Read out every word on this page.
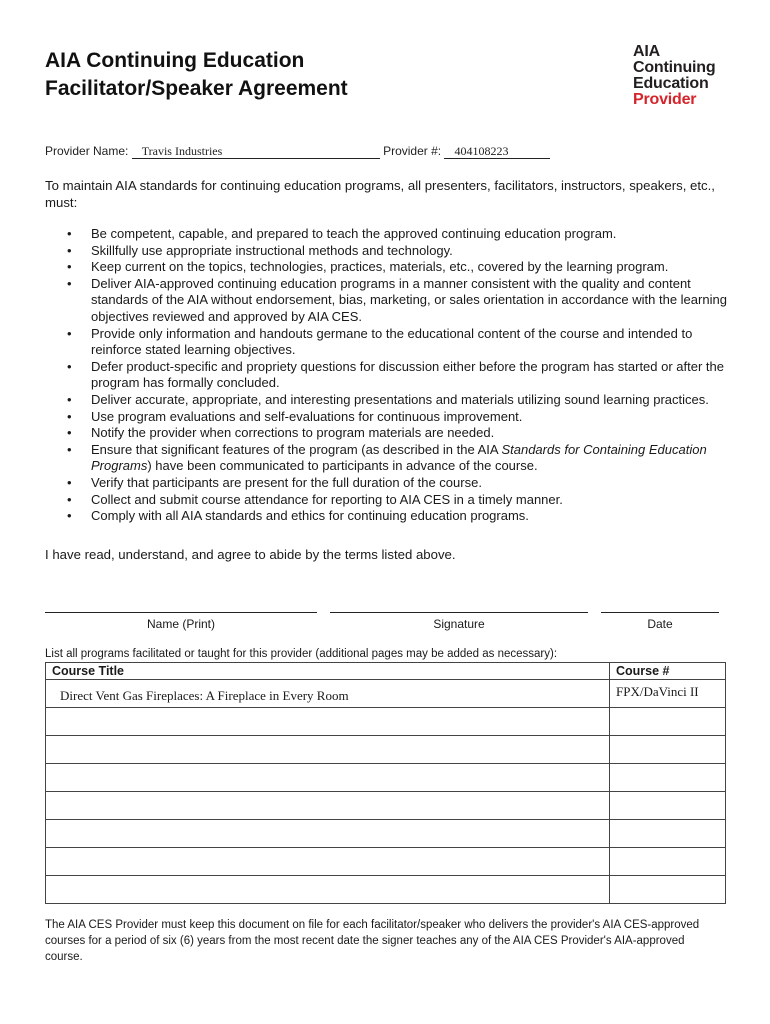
AIA Continuing Education
Facilitator/Speaker Agreement
AIA
Continuing
Education
Provider
Provider Name: Travis Industries	Provider #: 404108223
To maintain AIA standards for continuing education programs, all presenters, facilitators, instructors, speakers, etc., must:
• Be competent, capable, and prepared to teach the approved continuing education program.
• Skillfully use appropriate instructional methods and technology.
• Keep current on the topics, technologies, practices, materials, etc., covered by the learning program.
• Deliver AIA-approved continuing education programs in a manner consistent with the quality and content standards of the AIA without endorsement, bias, marketing, or sales orientation in accordance with the learning objectives reviewed and approved by AIA CES.
• Provide only information and handouts germane to the educational content of the course and intended to reinforce stated learning objectives.
• Defer product-specific and propriety questions for discussion either before the program has started or after the program has formally concluded.
• Deliver accurate, appropriate, and interesting presentations and materials utilizing sound learning practices.
• Use program evaluations and self-evaluations for continuous improvement.
• Notify the provider when corrections to program materials are needed.
• Ensure that significant features of the program (as described in the AIA Standards for Containing Education Programs) have been communicated to participants in advance of the course.
• Verify that participants are present for the full duration of the course.
• Collect and submit course attendance for reporting to AIA CES in a timely manner.
• Comply with all AIA standards and ethics for continuing education programs.
I have read, understand, and agree to abide by the terms listed above.
Name (Print)	Signature	Date
List all programs facilitated or taught for this provider (additional pages may be added as necessary):
Course Title	Course #

Direct Vent Gas Fireplaces: A Fireplace in Every Room	FPX/DaVinci II

The AIA CES Provider must keep this document on file for each facilitator/speaker who delivers the provider's AIA CES-approved courses for a period of six (6) years from the most recent date the signer teaches any of the AIA CES Provider's AIA-approved course.
